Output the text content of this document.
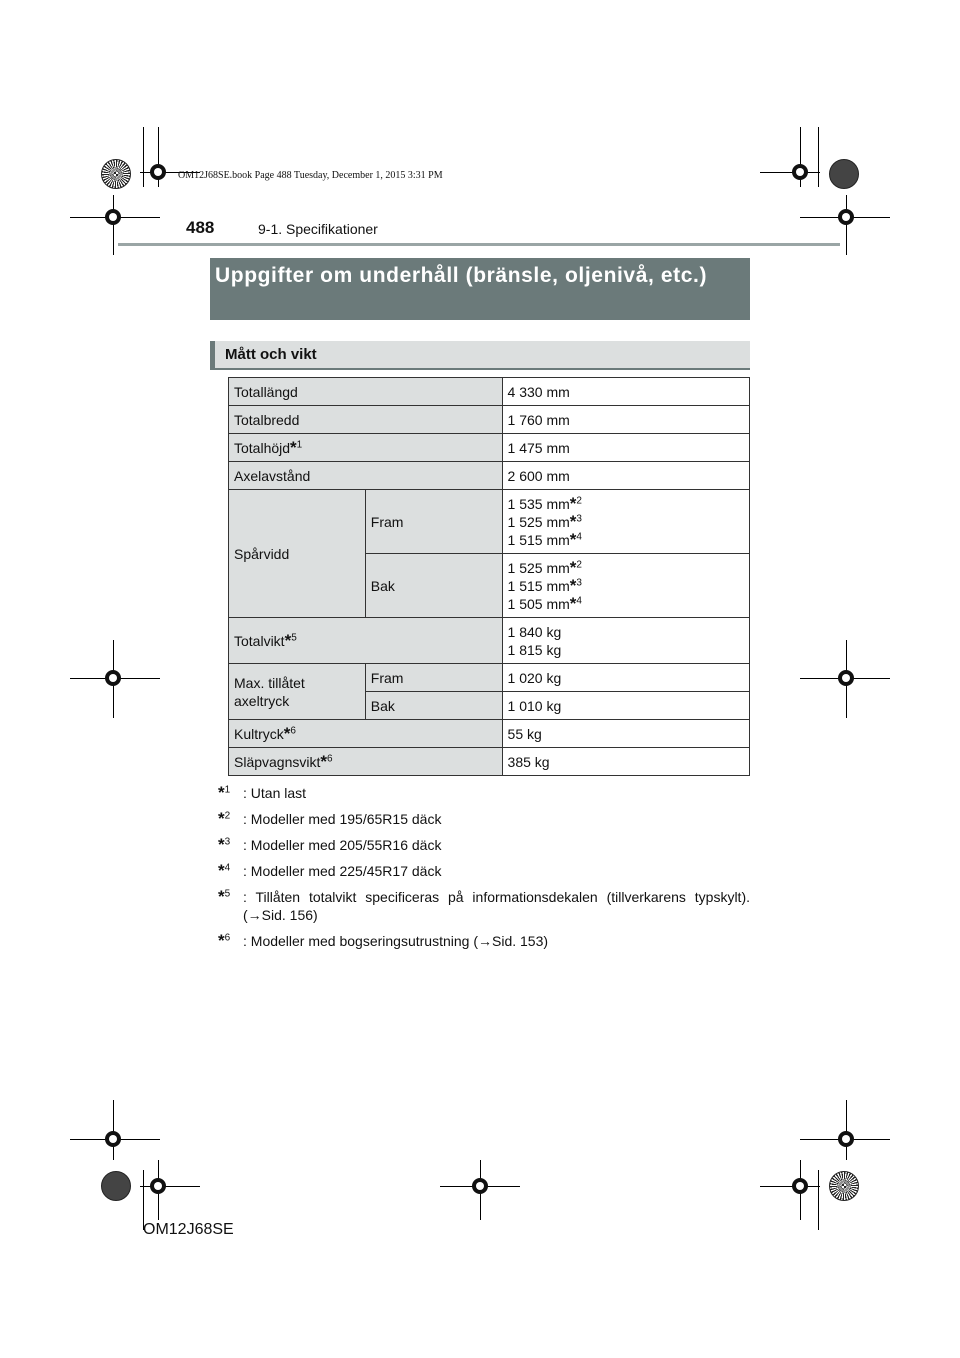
OM12J68SE.book Page 488 Tuesday, December 1, 2015 3:31 PM
488	9-1. Specifikationer
Uppgifter om underhåll (bränsle, oljenivå, etc.)
Mått och vikt
Totallängd		4 330 mm
Totalbredd		1 760 mm
Totalhöjd*$^1$		1 475 mm
Axelavstånd		2 600 mm
Spårvidd	Fram	1 535 mm*$^2$
1 525 mm*$^3$
1 515 mm*$^4$

	Bak	1 525 mm*$^2$
1 515 mm*$^3$
1 505 mm*$^4$

Totalvikt*$^5$		1 840 kg
1 815 kg

Max. tillåtet
axeltryck	Fram	1 020 kg
	Bak	1 010 kg
Kultryck*$^6$		55 kg
Släpvagnsvikt*$^6$		385 kg
*$^1$ : Utan last
*$^2$ : Modeller med 195/65R15 däck
*$^3$ : Modeller med 205/55R16 däck
*$^4$ : Modeller med 225/45R17 däck
*$^5$ : Tillåten totalvikt specificeras på informationsdekalen (tillverkarens typskylt). (→Sid. 156)
*$^6$ : Modeller med bogseringsutrustning (→Sid. 153)
OM12J68SE
